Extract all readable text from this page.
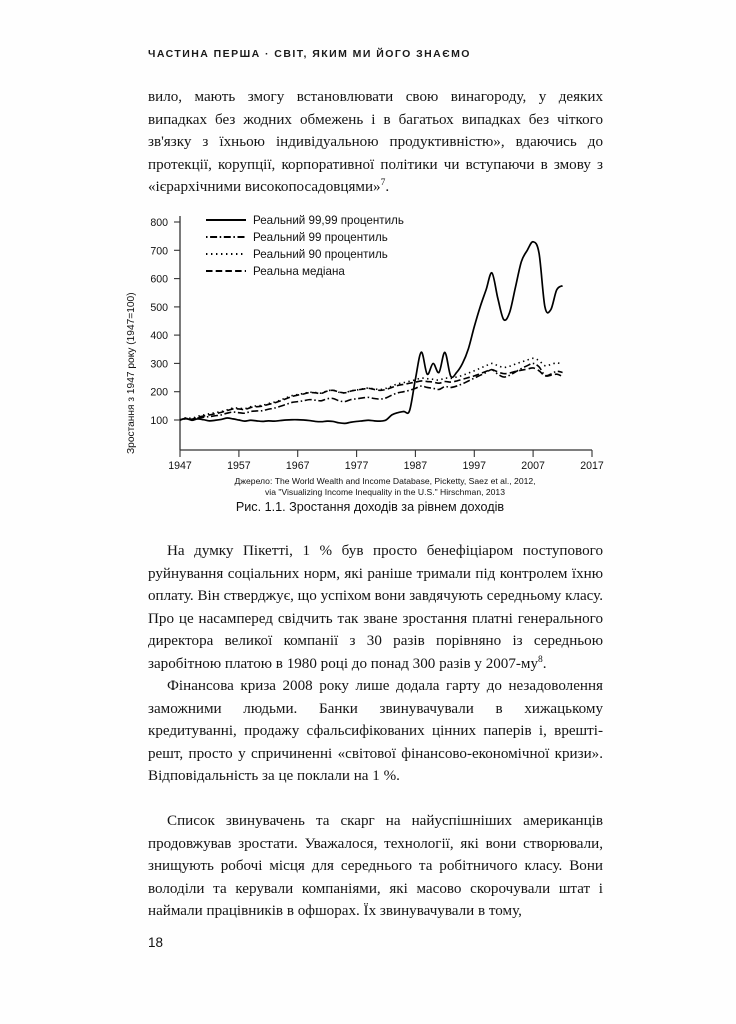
ЧАСТИНА ПЕРША · СВІТ, ЯКИМ МИ ЙОГО ЗНАЄМО

вило, мають змогу встановлювати свою винагороду, у деяких випадках без жодних обмежень і в багатьох випадках без чіткого зв'язку з їхньою індивідуальною продуктивністю», вдаючись до протекції, корупції, корпоративної політики чи вступаючи в змову з «ієрархічними високопосадовцями»$^7$.

Зростання з 1947 року (1947=100)
800
700
600
500
400
300
200
100
1947	1957	1967	1977	1987	1997	2007	2017
Реальний 99,99 процентиль
Реальний 99 процентиль
Реальний 90 процентиль
Реальна медіана
Джерело: The World Wealth and Income Database, Picketty, Saez et al., 2012,
via "Visualizing Income Inequality in the U.S." Hirschman, 2013
Рис. 1.1. Зростання доходів за рівнем доходів

На думку Пікетті, 1 % був просто бенефіціаром поступового руйнування соціальних норм, які раніше тримали під контролем їхню оплату. Він стверджує, що успіхом вони завдячують середньому класу. Про це насамперед свідчить так зване зростання платні генерального директора великої компанії з 30 разів порівняно із середньою заробітною платою в 1980 році до понад 300 разів у $2007-му^8$.

Фінансова криза 2008 року лише додала гарту до незадоволення заможними людьми. Банки звинувачували в хижацькому кредитуванні, продажу сфальсифікованих цінних паперів і, врешті-решт, просто у спричиненні «світової фінансово-економічної кризи». Відповідальність за це поклали на 1 %.

Список звинувачень та скарг на найуспішніших американців продовжував зростати. Уважалося, технології, які вони створювали, знищують робочі місця для середнього та робітничого класу. Вони володіли та керували компаніями, які масово скорочували штат і наймали працівників в офшорах. Їх звинувачували в тому,

18
